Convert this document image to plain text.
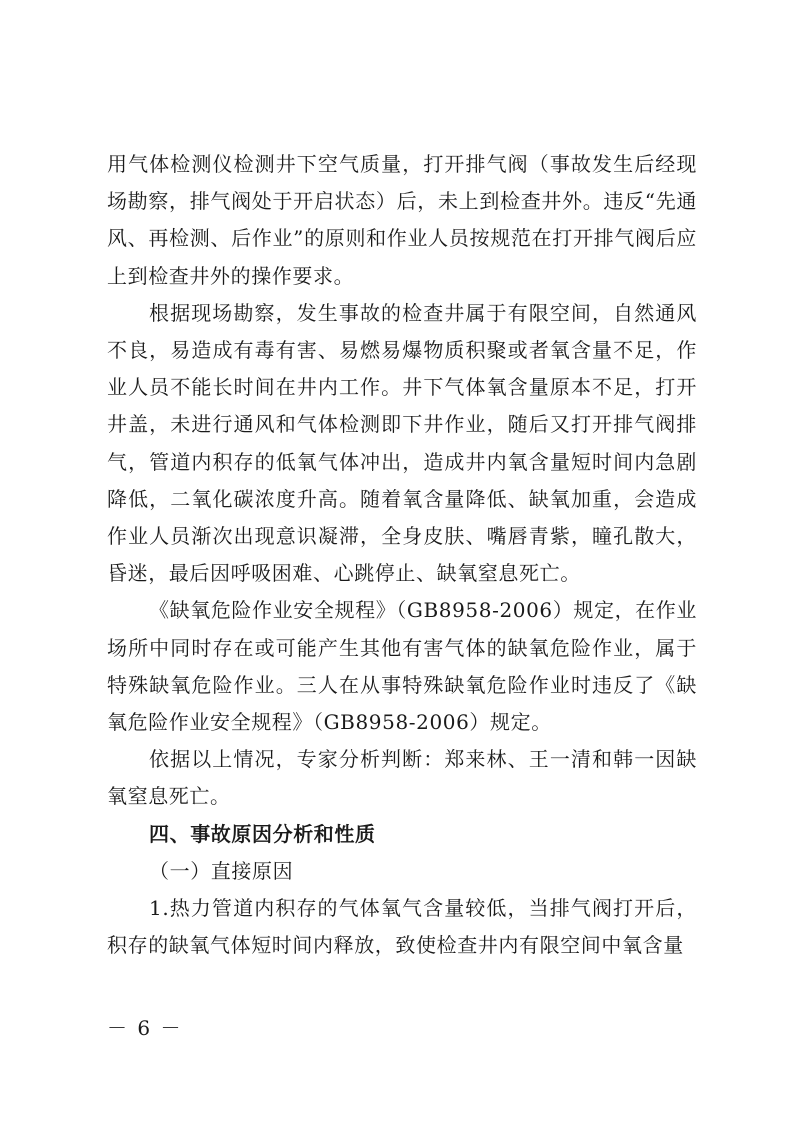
用气体检测仪检测井下空气质量，打开排气阀（事故发生后经现场勘察，排气阀处于开启状态）后，未上到检查井外。违反“先通风、再检测、后作业”的原则和作业人员按规范在打开排气阀后应上到检查井外的操作要求。

根据现场勘察，发生事故的检查井属于有限空间，自然通风不良，易造成有毒有害、易燃易爆物质积聚或者氧含量不足，作业人员不能长时间在井内工作。井下气体氧含量原本不足，打开井盖，未进行通风和气体检测即下井作业，随后又打开排气阀排气，管道内积存的低氧气体冲出，造成井内氧含量短时间内急剧降低，二氧化碳浓度升高。随着氧含量降低、缺氧加重，会造成作业人员渐次出现意识凝滞，全身皮肤、嘴唇青紫，瞳孔散大，昏迷，最后因呼吸困难、心跳停止、缺氧窒息死亡。

《缺氧危险作业安全规程》（GB8958-2006）规定，在作业场所中同时存在或可能产生其他有害气体的缺氧危险作业，属于特殊缺氧危险作业。三人在从事特殊缺氧危险作业时违反了《缺氧危险作业安全规程》（GB8958-2006）规定。

依据以上情况，专家分析判断：郑来林、王一清和韩一因缺氧窒息死亡。

四、事故原因分析和性质

（一）直接原因

1.热力管道内积存的气体氧气含量较低，当排气阀打开后，积存的缺氧气体短时间内释放，致使检查井内有限空间中氧含量

－ 6 －
